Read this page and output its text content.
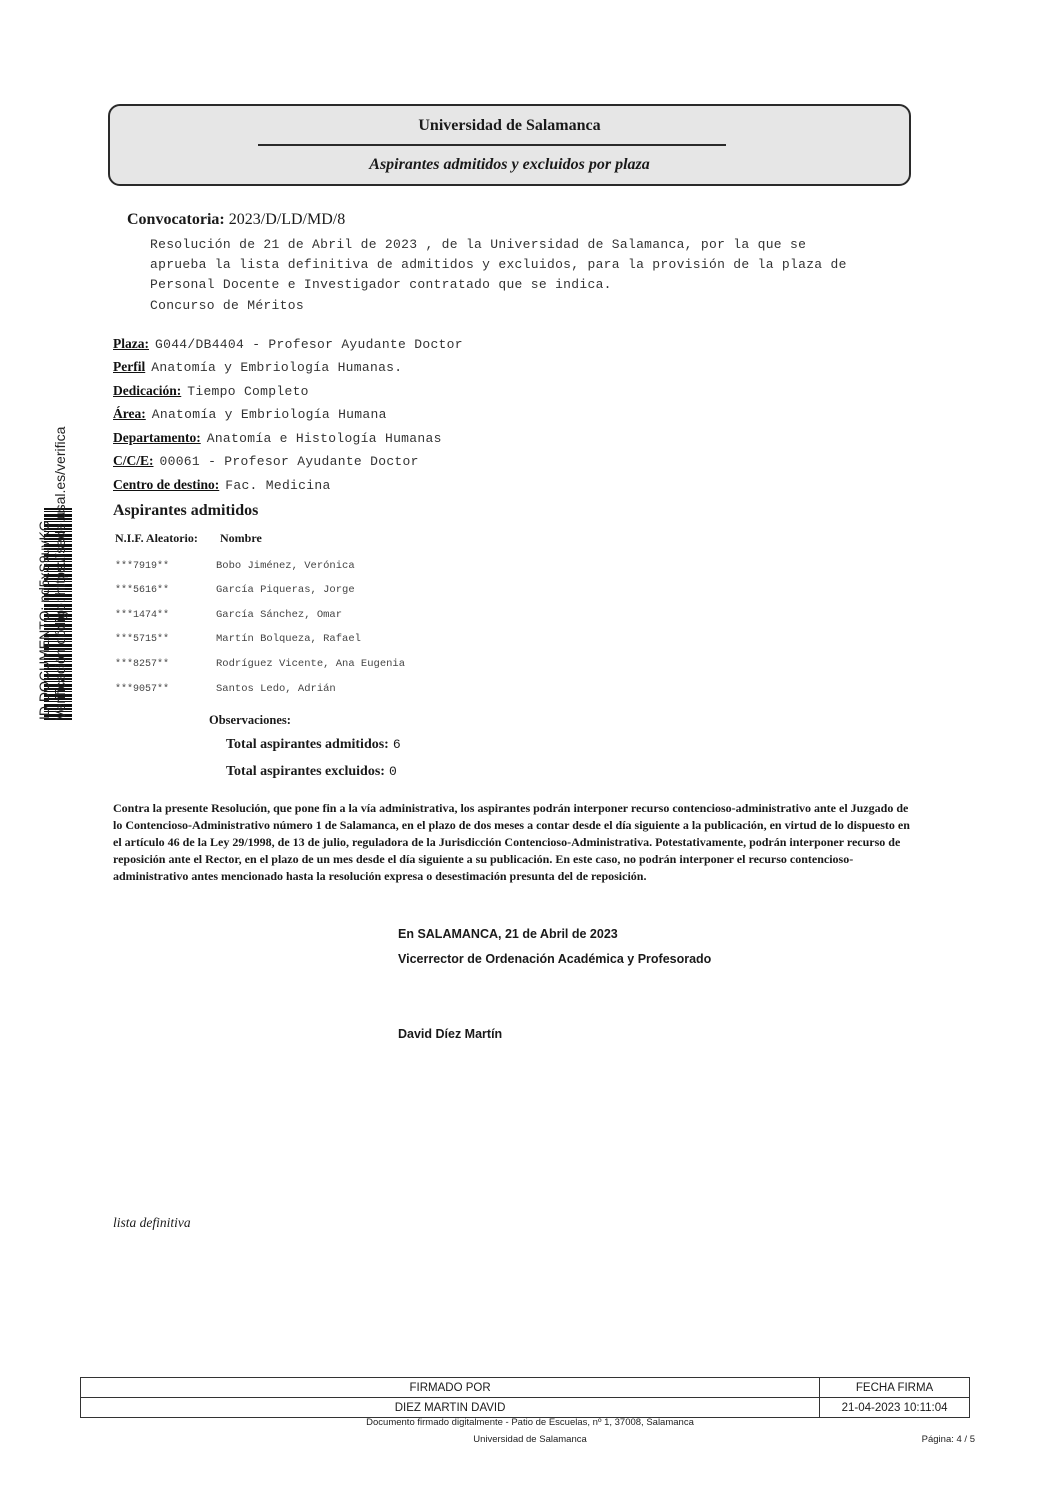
ID DOCUMENTO: nd5xS9uvKG Verificación código: https://sede.usal.es/verifica
Universidad de Salamanca
Aspirantes admitidos y excluidos por plaza
Convocatoria: 2023/D/LD/MD/8
Resolución de 21 de Abril de 2023 , de la Universidad de Salamanca, por la que se
aprueba la lista definitiva de admitidos y excluidos, para la provisión de la plaza de
Personal Docente e Investigador contratado que se indica.
Concurso de Méritos
Plaza: G044/DB4404 - Profesor Ayudante Doctor
Perfil Anatomía y Embriología Humanas.
Dedicación: Tiempo Completo
Área: Anatomía y Embriología Humana
Departamento: Anatomía e Histología Humanas
C/C/E: 00061 - Profesor Ayudante Doctor
Centro de destino: Fac. Medicina
Aspirantes admitidos
N.I.F. Aleatorio: Nombre
***7919**	Bobo Jiménez, Verónica
***5616**	García Piqueras, Jorge
***1474**	García Sánchez, Omar
***5715**	Martín Bolqueza, Rafael
***8257**	Rodríguez Vicente, Ana Eugenia
***9057**	Santos Ledo, Adrián
Observaciones:
Total aspirantes admitidos: 6
Total aspirantes excluidos: 0
Contra la presente Resolución, que pone fin a la vía administrativa, los aspirantes podrán interponer recurso contencioso-administrativo ante el Juzgado de lo Contencioso-Administrativo número 1 de Salamanca, en el plazo de dos meses a contar desde el día siguiente a la publicación, en virtud de lo dispuesto en el artículo 46 de la Ley 29/1998, de 13 de julio, reguladora de la Jurisdicción Contencioso-Administrativa. Potestativamente, podrán interponer recurso de reposición ante el Rector, en el plazo de un mes desde el día siguiente a su publicación. En este caso, no podrán interponer el recurso contencioso-administrativo antes mencionado hasta la resolución expresa o desestimación presunta del de reposición.
En SALAMANCA, 21 de Abril de 2023
Vicerrector de Ordenación Académica y Profesorado
David Díez Martín
lista definitiva
FIRMADO POR	FECHA FIRMA
DIEZ MARTIN DAVID	21-04-2023 10:11:04
Documento firmado digitalmente - Patio de Escuelas, nº 1, 37008, Salamanca
Universidad de Salamanca	Página: 4 / 5
